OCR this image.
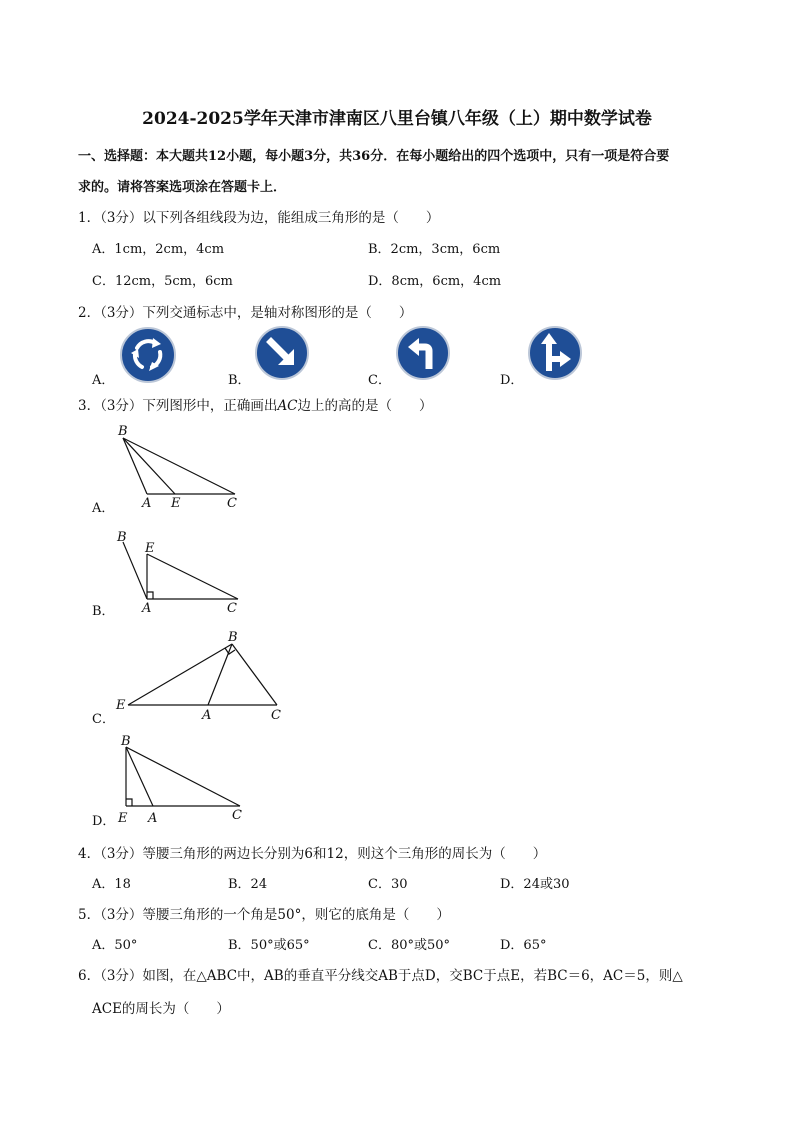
2024-2025学年天津市津南区八里台镇八年级（上）期中数学试卷
一、选择题：本大题共12小题，每小题3分，共36分．在每小题给出的四个选项中，只有一项是符合要
求的。请将答案选项涂在答题卡上．
1．（3分）以下列各组线段为边，能组成三角形的是（　　）
A．1cm，2cm，4cm	B．2cm，3cm，6cm
C．12cm，5cm，6cm	D．8cm，6cm，4cm
2．（3分）下列交通标志中，是轴对称图形的是（　　）
A．	B．	C．	D．
3．（3分）下列图形中，正确画出AC边上的高的是（　　）
A．
B．
C．
D．
B
A E	C
B
E
A	C
B
E
A	C
B
E A	C
4．（3分）等腰三角形的两边长分别为6和12，则这个三角形的周长为（　　）
A．18	B．24	C．30	D．24或30
5．（3分）等腰三角形的一个角是50°，则它的底角是（　　）
A．50°	B．50°或65°	C．80°或50°	D．65°
6．（3分）如图，在△ABC中，AB的垂直平分线交AB于点D，交BC于点E，若BC＝6，AC＝5，则△
ACE的周长为（　　）
